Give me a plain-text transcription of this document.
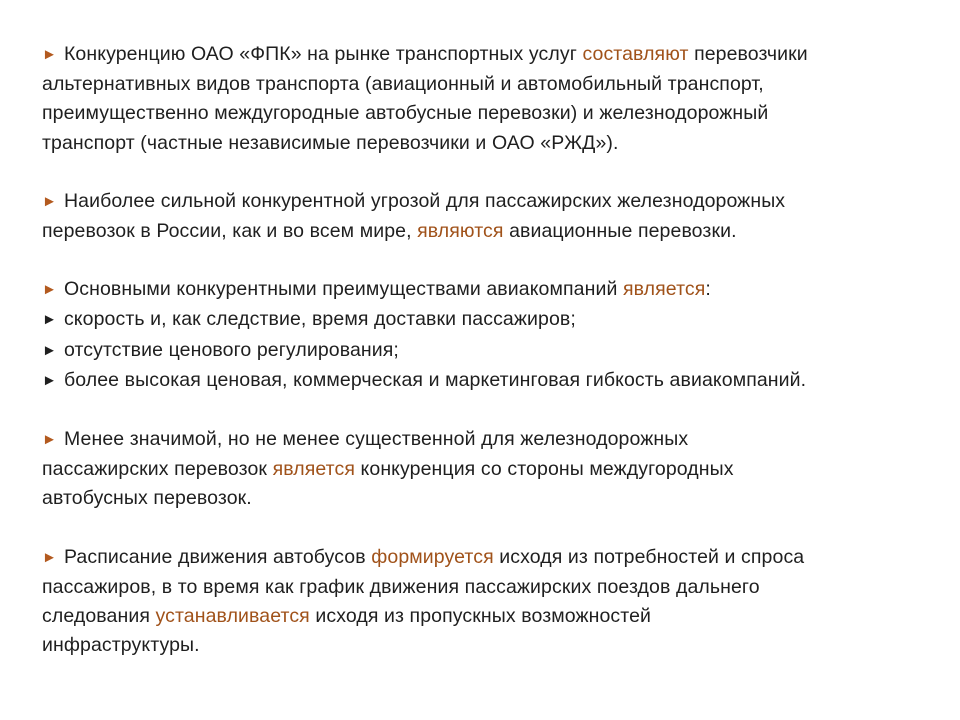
► Конкуренцию ОАО «ФПК» на рынке транспортных услуг составляют перевозчики
альтернативных видов транспорта (авиационный и автомобильный транспорт,
преимущественно междугородные автобусные перевозки) и железнодорожный
транспорт (частные независимые перевозчики и ОАО «РЖД»).
► Наиболее сильной конкурентной угрозой для пассажирских железнодорожных
перевозок в России, как и во всем мире, являются авиационные перевозки.
► Основными конкурентными преимуществами авиакомпаний является:
► скорость и, как следствие, время доставки пассажиров;
► отсутствие ценового регулирования;
► более высокая ценовая, коммерческая и маркетинговая гибкость авиакомпаний.
► Менее значимой, но не менее существенной для железнодорожных
пассажирских перевозок является конкуренция со стороны междугородных
автобусных перевозок.
► Расписание движения автобусов формируется исходя из потребностей и спроса
пассажиров, в то время как график движения пассажирских поездов дальнего
следования устанавливается исходя из пропускных возможностей
инфраструктуры.
